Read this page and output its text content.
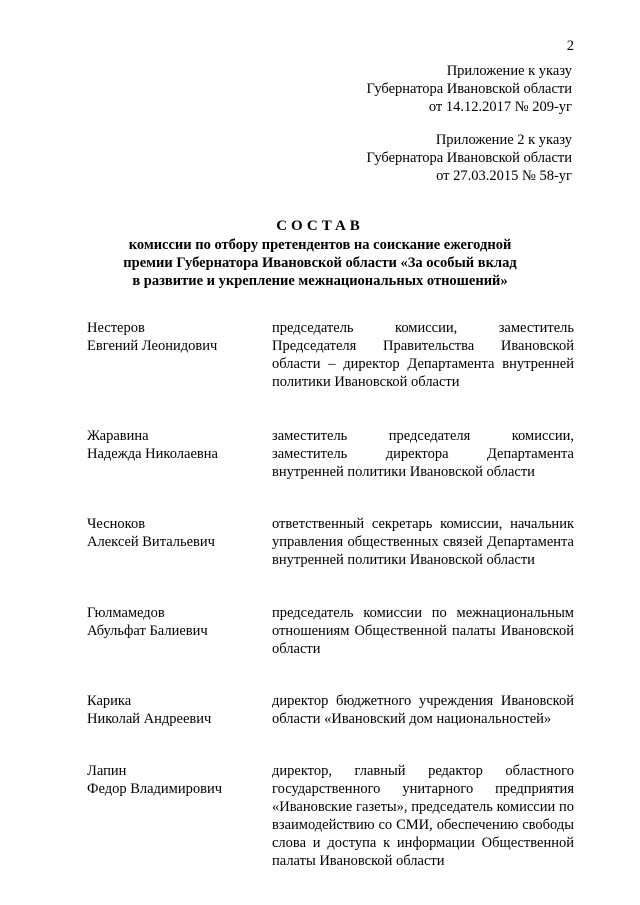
2
Приложение к указу
Губернатора Ивановской области
от 14.12.2017 № 209-уг
Приложение 2 к указу
Губернатора Ивановской области
от 27.03.2015 № 58-уг
СОСТАВ
комиссии по отбору претендентов на соискание ежегодной
премии Губернатора Ивановской области «За особый вклад
в развитие и укрепление межнациональных отношений»
Нестеров
Евгений Леонидович
председатель комиссии, заместитель Председателя Правительства Ивановской области – директор Департамента внутренней политики Ивановской области
Жаравина
Надежда Николаевна
заместитель председателя комиссии, заместитель директора Департамента внутренней политики Ивановской области
Чесноков
Алексей Витальевич
ответственный секретарь комиссии, начальник управления общественных связей Департамента внутренней политики Ивановской области
Гюлмамедов
Абульфат Балиевич
председатель комиссии по межнациональным отношениям Общественной палаты Ивановской области
Карика
Николай Андреевич
директор бюджетного учреждения Ивановской области «Ивановский дом национальностей»
Лапин
Федор Владимирович
директор, главный редактор областного государственного унитарного предприятия «Ивановские газеты», председатель комиссии по взаимодействию со СМИ, обеспечению свободы слова и доступа к информации Общественной палаты Ивановской области
